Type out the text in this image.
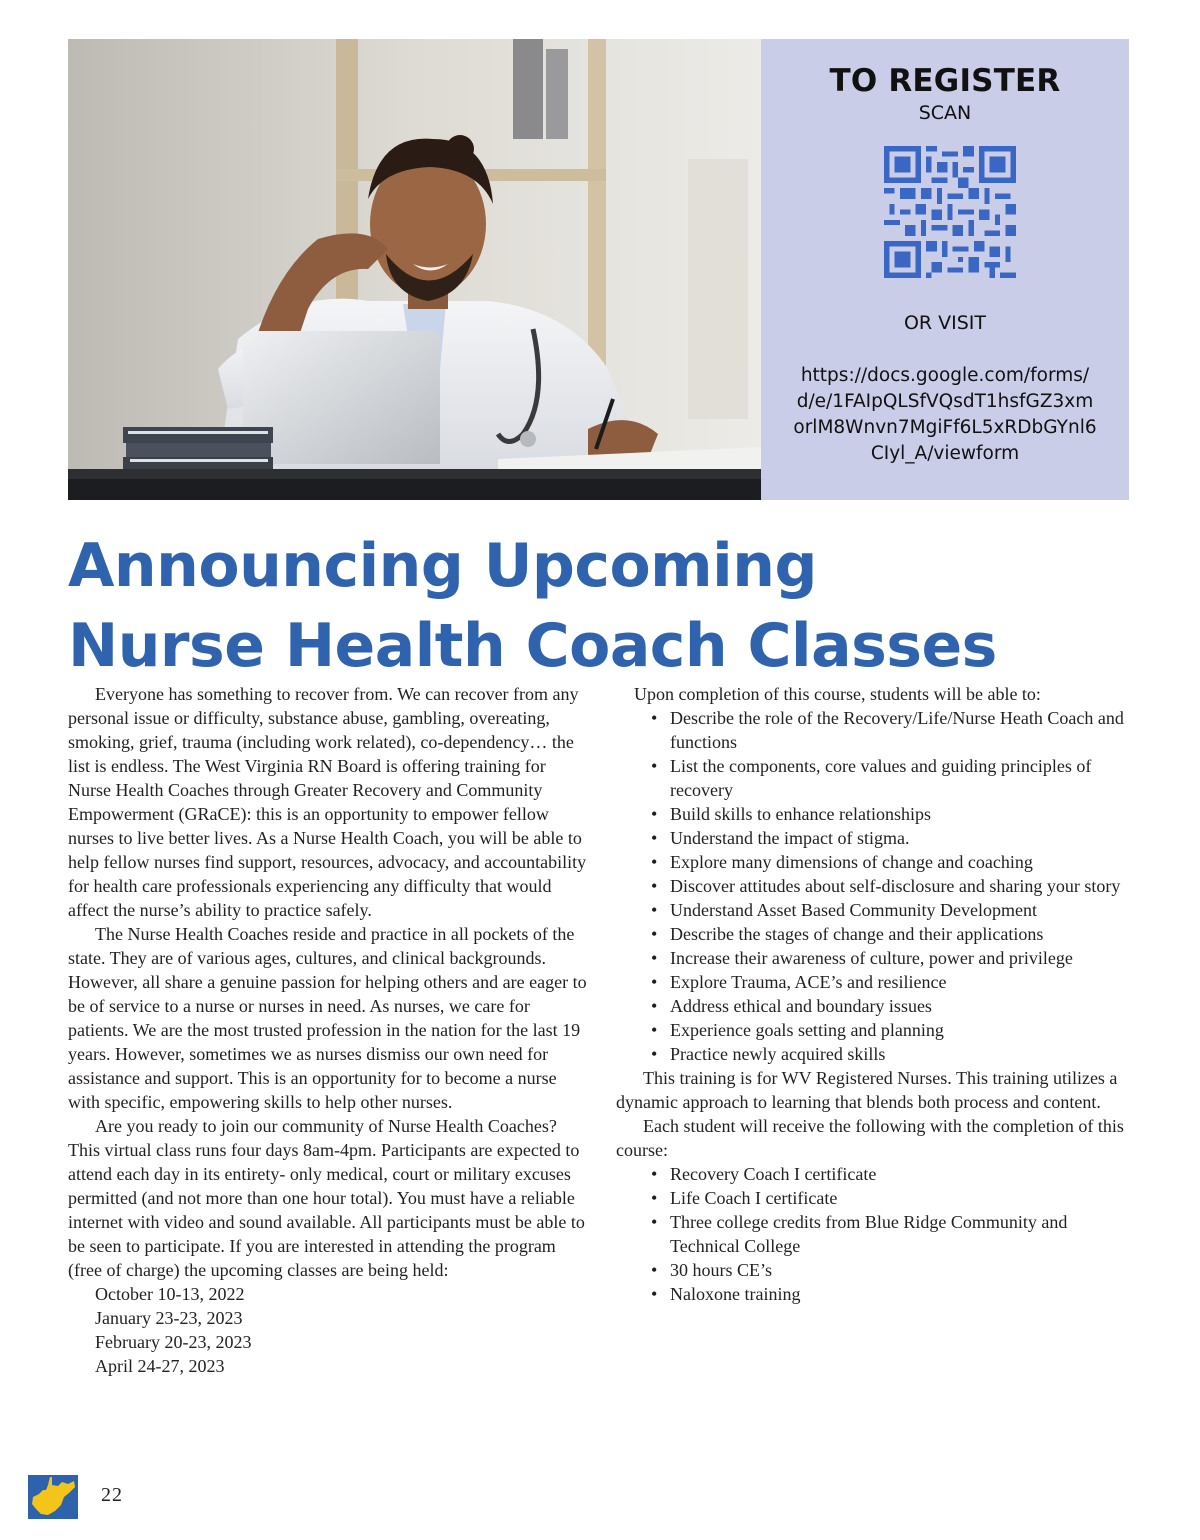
TO REGISTER
SCAN
OR VISIT
https://docs.google.com/forms/
d/e/1FAIpQLSfVQsdT1hsfGZ3xm
orlM8Wnvn7MgiFf6L5xRDbGYnl6
CIyl_A/viewform
Announcing Upcoming
Nurse Health Coach Classes

Everyone has something to recover from. We can recover from any personal issue or difficulty, substance abuse, gambling, overeating, smoking, grief, trauma (including work related), co-dependency… the list is endless. The West Virginia RN Board is offering training for Nurse Health Coaches through Greater Recovery and Community Empowerment (GRaCE): this is an opportunity to empower fellow nurses to live better lives. As a Nurse Health Coach, you will be able to help fellow nurses find support, resources, advocacy, and accountability for health care professionals experiencing any difficulty that would affect the nurse’s ability to practice safely.

The Nurse Health Coaches reside and practice in all pockets of the state. They are of various ages, cultures, and clinical backgrounds. However, all share a genuine passion for helping others and are eager to be of service to a nurse or nurses in need. As nurses, we care for patients. We are the most trusted profession in the nation for the last 19 years. However, sometimes we as nurses dismiss our own need for assistance and support. This is an opportunity for to become a nurse with specific, empowering skills to help other nurses.

Are you ready to join our community of Nurse Health Coaches? This virtual class runs four days 8am-4pm. Participants are expected to attend each day in its entirety- only medical, court or military excuses permitted (and not more than one hour total). You must have a reliable internet with video and sound available. All participants must be able to be seen to participate. If you are interested in attending the program (free of charge) the upcoming classes are being held:

October 10-13, 2022
January 23-23, 2023
February 20-23, 2023
April 24-27, 2023

Upon completion of this course, students will be able to:

• Describe the role of the Recovery/Life/Nurse Heath Coach and functions
• List the components, core values and guiding principles of recovery
• Build skills to enhance relationships
• Understand the impact of stigma.
• Explore many dimensions of change and coaching
• Discover attitudes about self-disclosure and sharing your story
• Understand Asset Based Community Development
• Describe the stages of change and their applications
• Increase their awareness of culture, power and privilege
• Explore Trauma, ACE’s and resilience
• Address ethical and boundary issues
• Experience goals setting and planning
• Practice newly acquired skills

This training is for WV Registered Nurses. This training utilizes a dynamic approach to learning that blends both process and content.

Each student will receive the following with the completion of this course:

• Recovery Coach I certificate
• Life Coach I certificate
• Three college credits from Blue Ridge Community and Technical College
• 30 hours CE’s
• Naloxone training
22
